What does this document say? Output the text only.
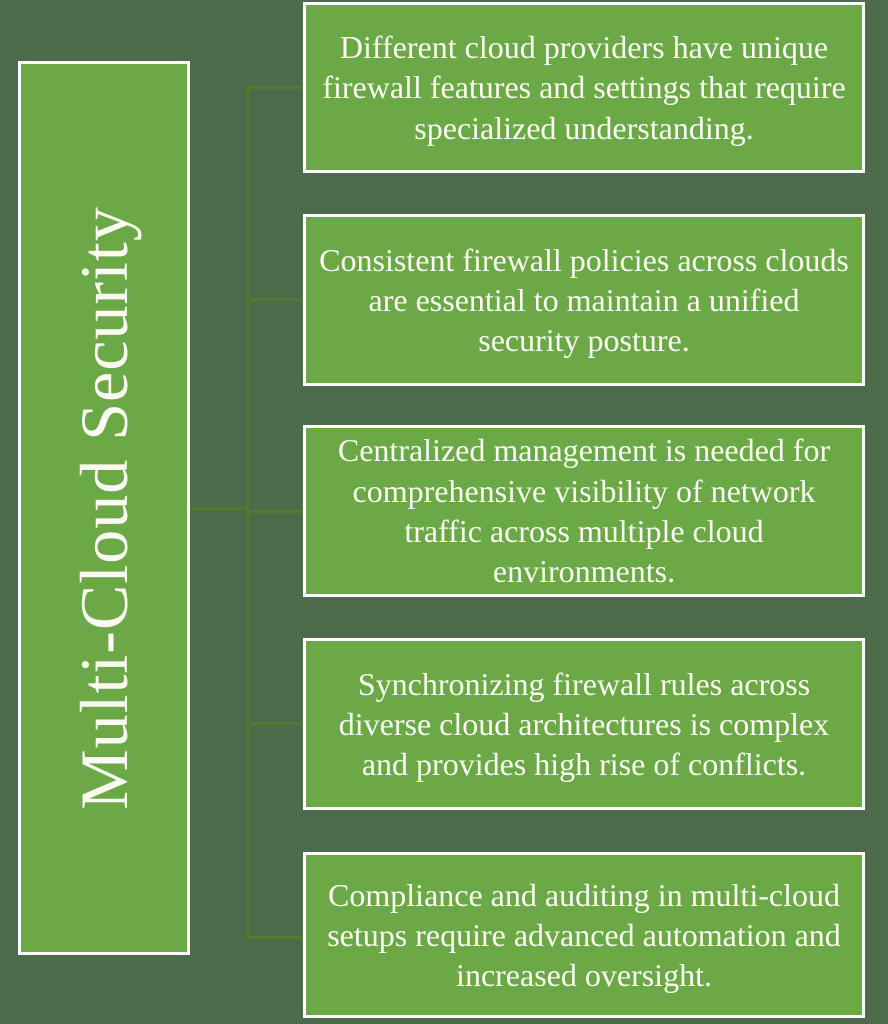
Multi-Cloud Security
Different cloud providers have unique firewall features and settings that require specialized understanding.
Consistent firewall policies across clouds are essential to maintain a unified security posture.
Centralized management is needed for comprehensive visibility of network traffic across multiple cloud environments.
Synchronizing firewall rules across diverse cloud architectures is complex and provides high rise of conflicts.
Compliance and auditing in multi-cloud setups require advanced automation and increased oversight.
